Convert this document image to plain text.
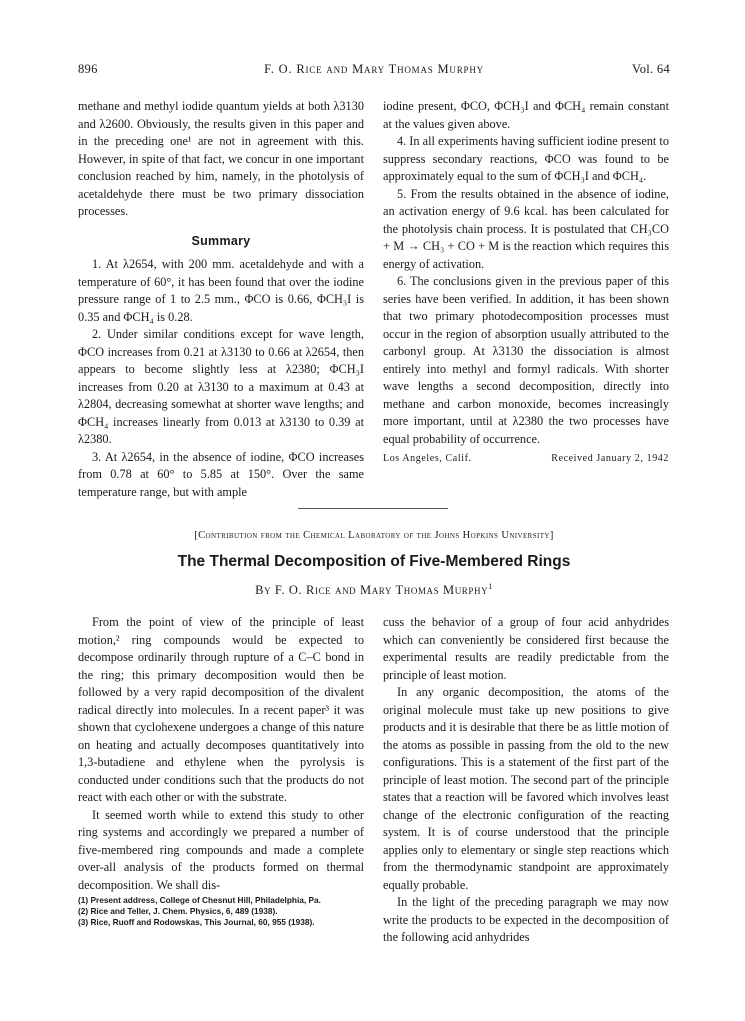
896	F. O. Rice and Mary Thomas Murphy	Vol. 64

methane and methyl iodide quantum yields at both λ3130 and λ2600. Obviously, the results given in this paper and in the preceding one¹ are not in agreement with this. However, in spite of that fact, we concur in one important conclusion reached by him, namely, in the photolysis of acetaldehyde there must be two primary dissociation processes.

Summary

1. At λ2654, with 200 mm. acetaldehyde and with a temperature of 60°, it has been found that over the iodine pressure range of 1 to 2.5 mm., ΦCO is 0.66, ΦCH₃I is 0.35 and ΦCH₄ is 0.28.

2. Under similar conditions except for wave length, ΦCO increases from 0.21 at λ3130 to 0.66 at λ2654, then appears to become slightly less at λ2380; ΦCH₃I increases from 0.20 at λ3130 to a maximum at 0.43 at λ2804, decreasing somewhat at shorter wave lengths; and ΦCH₄ increases linearly from 0.013 at λ3130 to 0.39 at λ2380.

3. At λ2654, in the absence of iodine, ΦCO increases from 0.78 at 60° to 5.85 at 150°. Over the same temperature range, but with ample

iodine present, ΦCO, ΦCH₃I and ΦCH₄ remain constant at the values given above.

4. In all experiments having sufficient iodine present to suppress secondary reactions, ΦCO was found to be approximately equal to the sum of ΦCH₃I and ΦCH₄.

5. From the results obtained in the absence of iodine, an activation energy of 9.6 kcal. has been calculated for the photolysis chain process. It is postulated that CH₃CO + M → CH₃ + CO + M is the reaction which requires this energy of activation.

6. The conclusions given in the previous paper of this series have been verified. In addition, it has been shown that two primary photodecomposition processes must occur in the region of absorption usually attributed to the carbonyl group. At λ3130 the dissociation is almost entirely into methyl and formyl radicals. With shorter wave lengths a second decomposition, directly into methane and carbon monoxide, becomes increasingly more important, until at λ2380 the two processes have equal probability of occurrence.

Los Angeles, Calif.	Received January 2, 1942
[Contribution from the Chemical Laboratory of the Johns Hopkins University]
The Thermal Decomposition of Five-Membered Rings
By F. O. Rice and Mary Thomas Murphy$^1$

From the point of view of the principle of least motion,² ring compounds would be expected to decompose ordinarily through rupture of a C–C bond in the ring; this primary decomposition would then be followed by a very rapid decomposition of the divalent radical directly into molecules. In a recent paper³ it was shown that cyclohexene undergoes a change of this nature on heating and actually decomposes quantitatively into 1,3-butadiene and ethylene when the pyrolysis is conducted under conditions such that the products do not react with each other or with the substrate.

It seemed worth while to extend this study to other ring systems and accordingly we prepared a number of five-membered ring compounds and made a complete over-all analysis of the products formed on thermal decomposition. We shall dis-

(1) Present address, College of Chesnut Hill, Philadelphia, Pa.
(2) Rice and Teller, J. Chem. Physics, 6, 489 (1938).
(3) Rice, Ruoff and Rodowskas, This Journal, 60, 955 (1938).

cuss the behavior of a group of four acid anhydrides which can conveniently be considered first because the experimental results are readily predictable from the principle of least motion.

In any organic decomposition, the atoms of the original molecule must take up new positions to give products and it is desirable that there be as little motion of the atoms as possible in passing from the old to the new configurations. This is a statement of the first part of the principle of least motion. The second part of the principle states that a reaction will be favored which involves least change of the electronic configuration of the reacting system. It is of course understood that the principle applies only to elementary or single step reactions which from the thermodynamic standpoint are approximately equally probable.

In the light of the preceding paragraph we may now write the products to be expected in the decomposition of the following acid anhydrides
